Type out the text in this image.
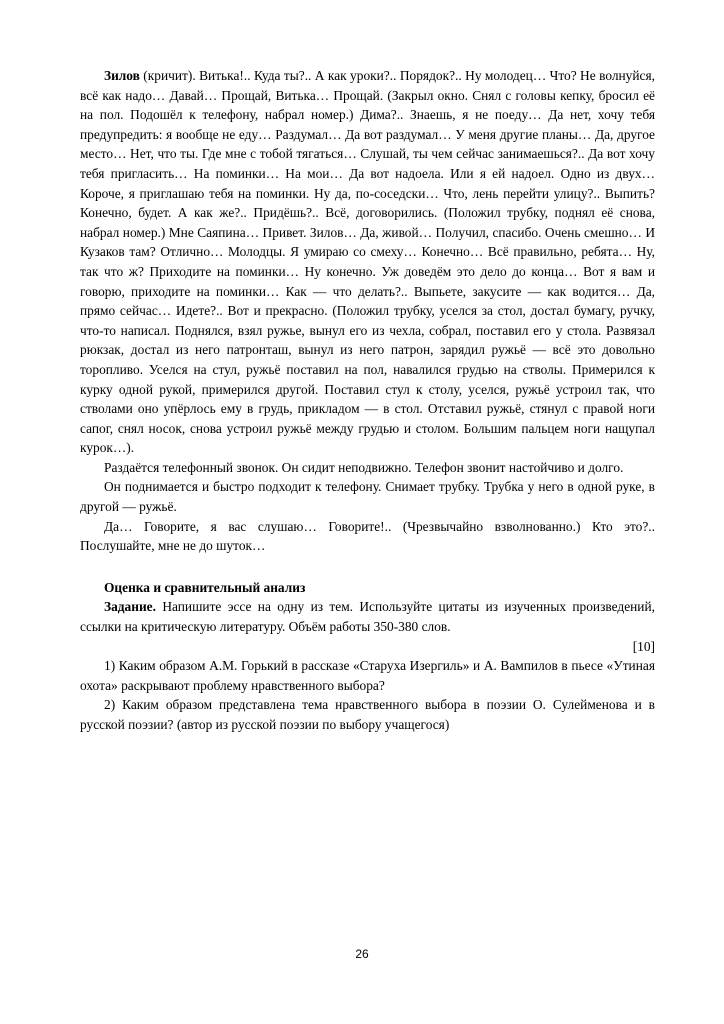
Зилов (кричит). Витька!.. Куда ты?.. А как уроки?.. Порядок?.. Ну молодец… Что? Не волнуйся, всё как надо… Давай… Прощай, Витька… Прощай. (Закрыл окно. Снял с головы кепку, бросил её на пол. Подошёл к телефону, набрал номер.) Дима?.. Знаешь, я не поеду… Да нет, хочу тебя предупредить: я вообще не еду… Раздумал… Да вот раздумал… У меня другие планы… Да, другое место… Нет, что ты. Где мне с тобой тягаться… Слушай, ты чем сейчас занимаешься?.. Да вот хочу тебя пригласить… На поминки… На мои… Да вот надоела. Или я ей надоел. Одно из двух… Короче, я приглашаю тебя на поминки. Ну да, по-соседски… Что, лень перейти улицу?.. Выпить? Конечно, будет. А как же?.. Придёшь?.. Всё, договорились. (Положил трубку, поднял её снова, набрал номер.) Мне Саяпина… Привет. Зилов… Да, живой… Получил, спасибо. Очень смешно… И Кузаков там? Отлично… Молодцы. Я умираю со смеху… Конечно… Всё правильно, ребята… Ну, так что ж? Приходите на поминки… Ну конечно. Уж доведём это дело до конца… Вот я вам и говорю, приходите на поминки… Как — что делать?.. Выпьете, закусите — как водится… Да, прямо сейчас… Идете?.. Вот и прекрасно. (Положил трубку, уселся за стол, достал бумагу, ручку, что-то написал. Поднялся, взял ружье, вынул его из чехла, собрал, поставил его у стола. Развязал рюкзак, достал из него патронташ, вынул из него патрон, зарядил ружьё — всё это довольно торопливо. Уселся на стул, ружьё поставил на пол, навалился грудью на стволы. Примерился к курку одной рукой, примерился другой. Поставил стул к столу, уселся, ружьё устроил так, что стволами оно упёрлось ему в грудь, прикладом — в стол. Отставил ружьё, стянул с правой ноги сапог, снял носок, снова устроил ружьё между грудью и столом. Большим пальцем ноги нащупал курок…).

Раздаётся телефонный звонок. Он сидит неподвижно. Телефон звонит настойчиво и долго.

Он поднимается и быстро подходит к телефону. Снимает трубку. Трубка у него в одной руке, в другой — ружьё.

Да… Говорите, я вас слушаю… Говорите!.. (Чрезвычайно взволнованно.) Кто это?.. Послушайте, мне не до шуток…

Оценка и сравнительный анализ

Задание. Напишите эссе на одну из тем. Используйте цитаты из изученных произведений, ссылки на критическую литературу. Объём работы 350-380 слов.

[10]

1) Каким образом А.М. Горький в рассказе «Старуха Изергиль» и А. Вампилов в пьесе «Утиная охота» раскрывают проблему нравственного выбора?

2) Каким образом представлена тема нравственного выбора в поэзии О. Сулейменова и в русской поэзии? (автор из русской поэзии по выбору учащегося)

26
